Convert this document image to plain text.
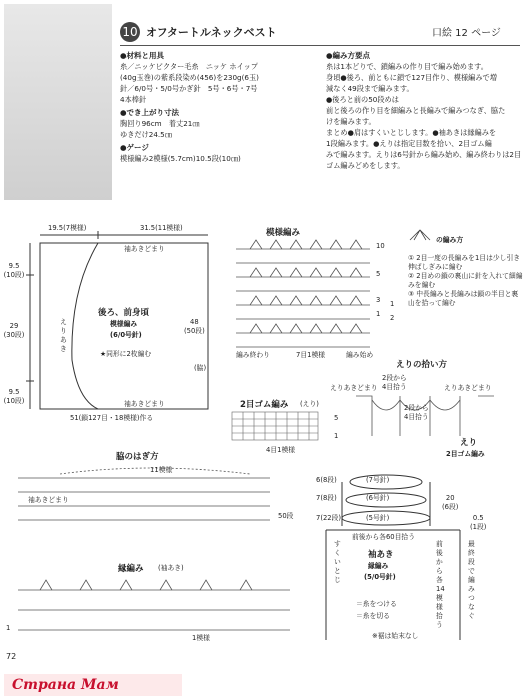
10 オフタートルネックベスト	口絵 12 ページ
●材料と用具
糸／ニッケビクター毛糸　ニッケ ホイップ
(40g玉巻)の紫系段染め(456)を230g(6玉)
針／6/0号・5/0号かぎ針　5号・6号・7号
4本棒針
●でき上がり寸法
胸回り96cm　着丈21㎝
ゆきだけ24.5㎝
●ゲージ
模様編み2模様(5.7cm)10.5段(10㎝)
●編み方要点
糸は1本どりで、鎖編みの作り目で編み始めます。
身頃●後ろ、前ともに鎖で127目作り、模様編みで増
減なく49段まで編みます。
●後ろと前の50段めは
前と後ろの作り目を細編みと長編みで編みつなぎ、脇た
けを編みます。
まとめ●肩はすくいとじします。●袖あきは縁編みを
1段編みます。●えりは指定目数を拾い、2目ゴム編
みで編みます。えりは6号針から編み始め、編み終わりは2目
ゴム編みどめをします。
19.5(7模様)	31.5(11模様)
袖あきどまり
9.5
(10段)
29
(30段)
9.5
(10段)
えりあき
後ろ、前身頃
模様編み
(6/0号針)
★同形に2枚編む
48
(50段)
(脇)
袖あきどまり
51(鎖127目・18模様)作る
模様編み
10
5
3
1
1
2
編み終わり	7目1模様	編み始め
の編み方
① 2目一度の長編みを1目は少し引き伸ばしぎみに編む
② 2目めの鎖の裏山に針を入れて細編みを編む
③ 中長編みと長編みは鎖の半目と裏山を拾って編む
えりの拾い方
2段から
4目拾う
えりあきどまり	えりあきどまり
2段から
4目拾う
2目ゴム編み (えり)
5
1
4目1模様
脇のはぎ方
11模様
袖あきどまり
50段
縁編み (袖あき)
1模様
1
えり
2目ゴム編み
6(8段)	(7号針)
7(8段)	(6号針)
7(22段)	(5号針)
前後から各60目拾う
20
(6段)
0.5
(1段)
袖あき
縁編み
(5/0号針)
すくいとじ
前後から各14模様拾う
最終段で編みつなぐ
＝糸をつける
＝糸を切る
※裾は始末なし
72
Страна Мам
